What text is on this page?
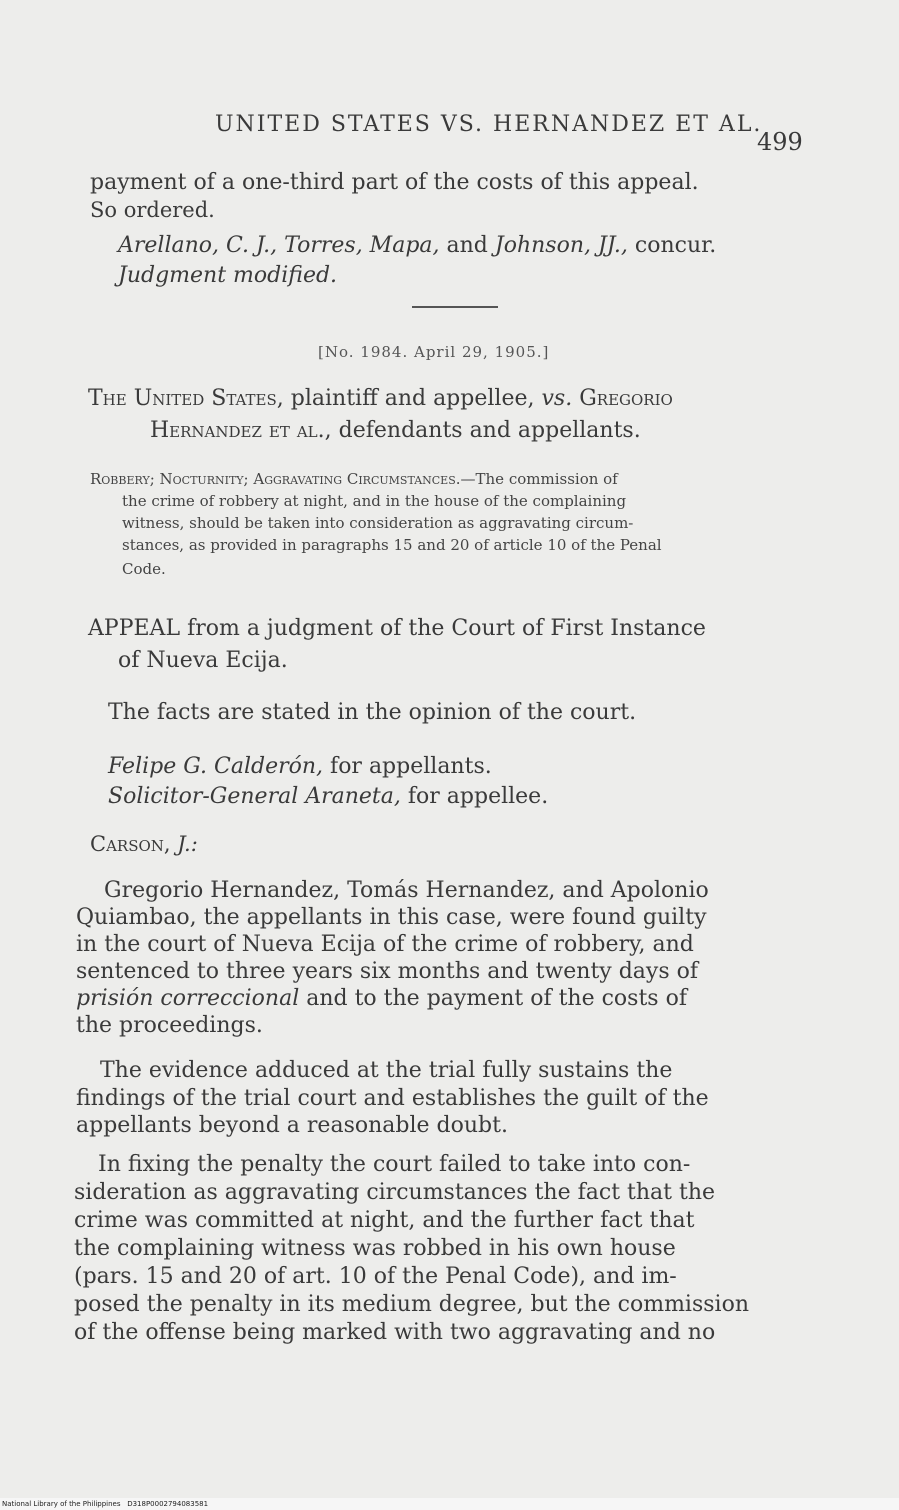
UNITED STATES VS. HERNANDEZ ET AL.

499

payment of a one-third part of the costs of this appeal.

So ordered.

Arellano, C. J., Torres, Mapa, and Johnson, JJ., concur.

Judgment modified.

[No. 1984. April 29, 1905.]

The United States, plaintiff and appellee, vs. Gregorio

Hernandez et al., defendants and appellants.

Robbery; Nocturnity; Aggravating Circumstances.—The commission of

the crime of robbery at night, and in the house of the complaining

witness, should be taken into consideration as aggravating circum-

stances, as provided in paragraphs 15 and 20 of article 10 of the Penal

Code.

APPEAL from a judgment of the Court of First Instance

of Nueva Ecija.

The facts are stated in the opinion of the court.

Felipe G. Calderón, for appellants.

Solicitor-General Araneta, for appellee.

Carson, J.:

Gregorio Hernandez, Tomás Hernandez, and Apolonio

Quiambao, the appellants in this case, were found guilty

in the court of Nueva Ecija of the crime of robbery, and

sentenced to three years six months and twenty days of

prisión correccional and to the payment of the costs of

the proceedings.

The evidence adduced at the trial fully sustains the

findings of the trial court and establishes the guilt of the

appellants beyond a reasonable doubt.

In fixing the penalty the court failed to take into con-

sideration as aggravating circumstances the fact that the

crime was committed at night, and the further fact that

the complaining witness was robbed in his own house

(pars. 15 and 20 of art. 10 of the Penal Code), and im-

posed the penalty in its medium degree, but the commission

of the offense being marked with two aggravating and no

National Library of the Philippines D318P0002794083581
